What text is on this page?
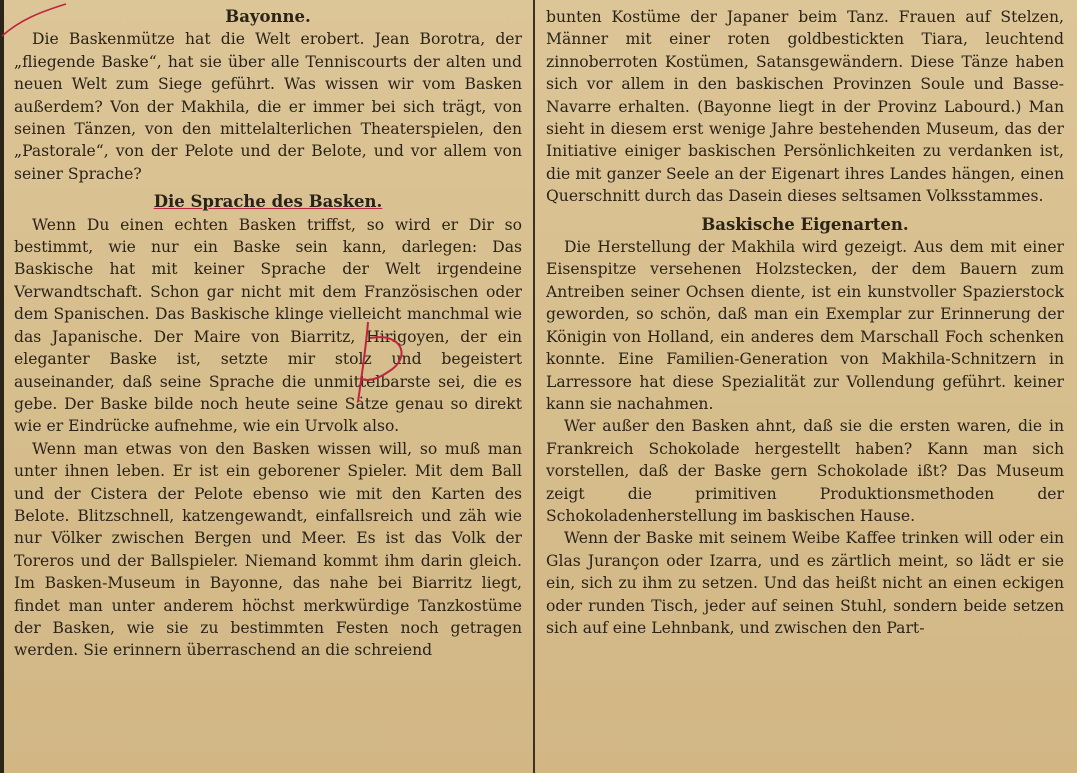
Bayonne.

Die Baskenmütze hat die Welt erobert. Jean Borotra, der „fliegende Baske“, hat sie über alle Tenniscourts der alten und neuen Welt zum Siege geführt. Was wissen wir vom Basken außerdem? Von der Makhila, die er immer bei sich trägt, von seinen Tänzen, von den mittelalterlichen Theaterspielen, den „Pastorale“, von der Pelote und der Belote, und vor allem von seiner Sprache?

Die Sprache des Basken.

Wenn Du einen echten Basken triffst, so wird er Dir so bestimmt, wie nur ein Baske sein kann, darlegen: Das Baskische hat mit keiner Sprache der Welt irgendeine Verwandtschaft. Schon gar nicht mit dem Französischen oder dem Spanischen. Das Baskische klinge vielleicht manchmal wie das Japanische. Der Maire von Biarritz, Hirigoyen, der ein eleganter Baske ist, setzte mir stolz und begeistert auseinander, daß seine Sprache die unmittelbarste sei, die es gebe. Der Baske bilde noch heute seine Sätze genau so direkt wie er Eindrücke aufnehme, wie ein Urvolk also.

Wenn man etwas von den Basken wissen will, so muß man unter ihnen leben. Er ist ein geborener Spieler. Mit dem Ball und der Cistera der Pelote ebenso wie mit den Karten des Belote. Blitzschnell, katzengewandt, einfallsreich und zäh wie nur Völker zwischen Bergen und Meer. Es ist das Volk der Toreros und der Ballspieler. Niemand kommt ihm darin gleich. Im Basken-Museum in Bayonne, das nahe bei Biarritz liegt, findet man unter anderem höchst merkwürdige Tanzkostüme der Basken, wie sie zu bestimmten Festen noch getragen werden. Sie erinnern überraschend an die schreiend

bunten Kostüme der Japaner beim Tanz. Frauen auf Stelzen, Männer mit einer roten goldbestickten Tiara, leuchtend zinnoberroten Kostümen, Satansgewändern. Diese Tänze haben sich vor allem in den baskischen Provinzen Soule und Basse-Navarre erhalten. (Bayonne liegt in der Provinz Labourd.) Man sieht in diesem erst wenige Jahre bestehenden Museum, das der Initiative einiger baskischen Persönlichkeiten zu verdanken ist, die mit ganzer Seele an der Eigenart ihres Landes hängen, einen Querschnitt durch das Dasein dieses seltsamen Volksstammes.

Baskische Eigenarten.

Die Herstellung der Makhila wird gezeigt. Aus dem mit einer Eisenspitze versehenen Holzstecken, der dem Bauern zum Antreiben seiner Ochsen diente, ist ein kunstvoller Spazierstock geworden, so schön, daß man ein Exemplar zur Erinnerung der Königin von Holland, ein anderes dem Marschall Foch schenken konnte. Eine Familien-Generation von Makhila-Schnitzern in Larressore hat diese Spezialität zur Vollendung geführt. keiner kann sie nachahmen.

Wer außer den Basken ahnt, daß sie die ersten waren, die in Frankreich Schokolade hergestellt haben? Kann man sich vorstellen, daß der Baske gern Schokolade ißt? Das Museum zeigt die primitiven Produktionsmethoden der Schokoladenherstellung im baskischen Hause.

Wenn der Baske mit seinem Weibe Kaffee trinken will oder ein Glas Jurançon oder Izarra, und es zärtlich meint, so lädt er sie ein, sich zu ihm zu setzen. Und das heißt nicht an einen eckigen oder runden Tisch, jeder auf seinen Stuhl, sondern beide setzen sich auf eine Lehnbank, und zwischen den Part-
